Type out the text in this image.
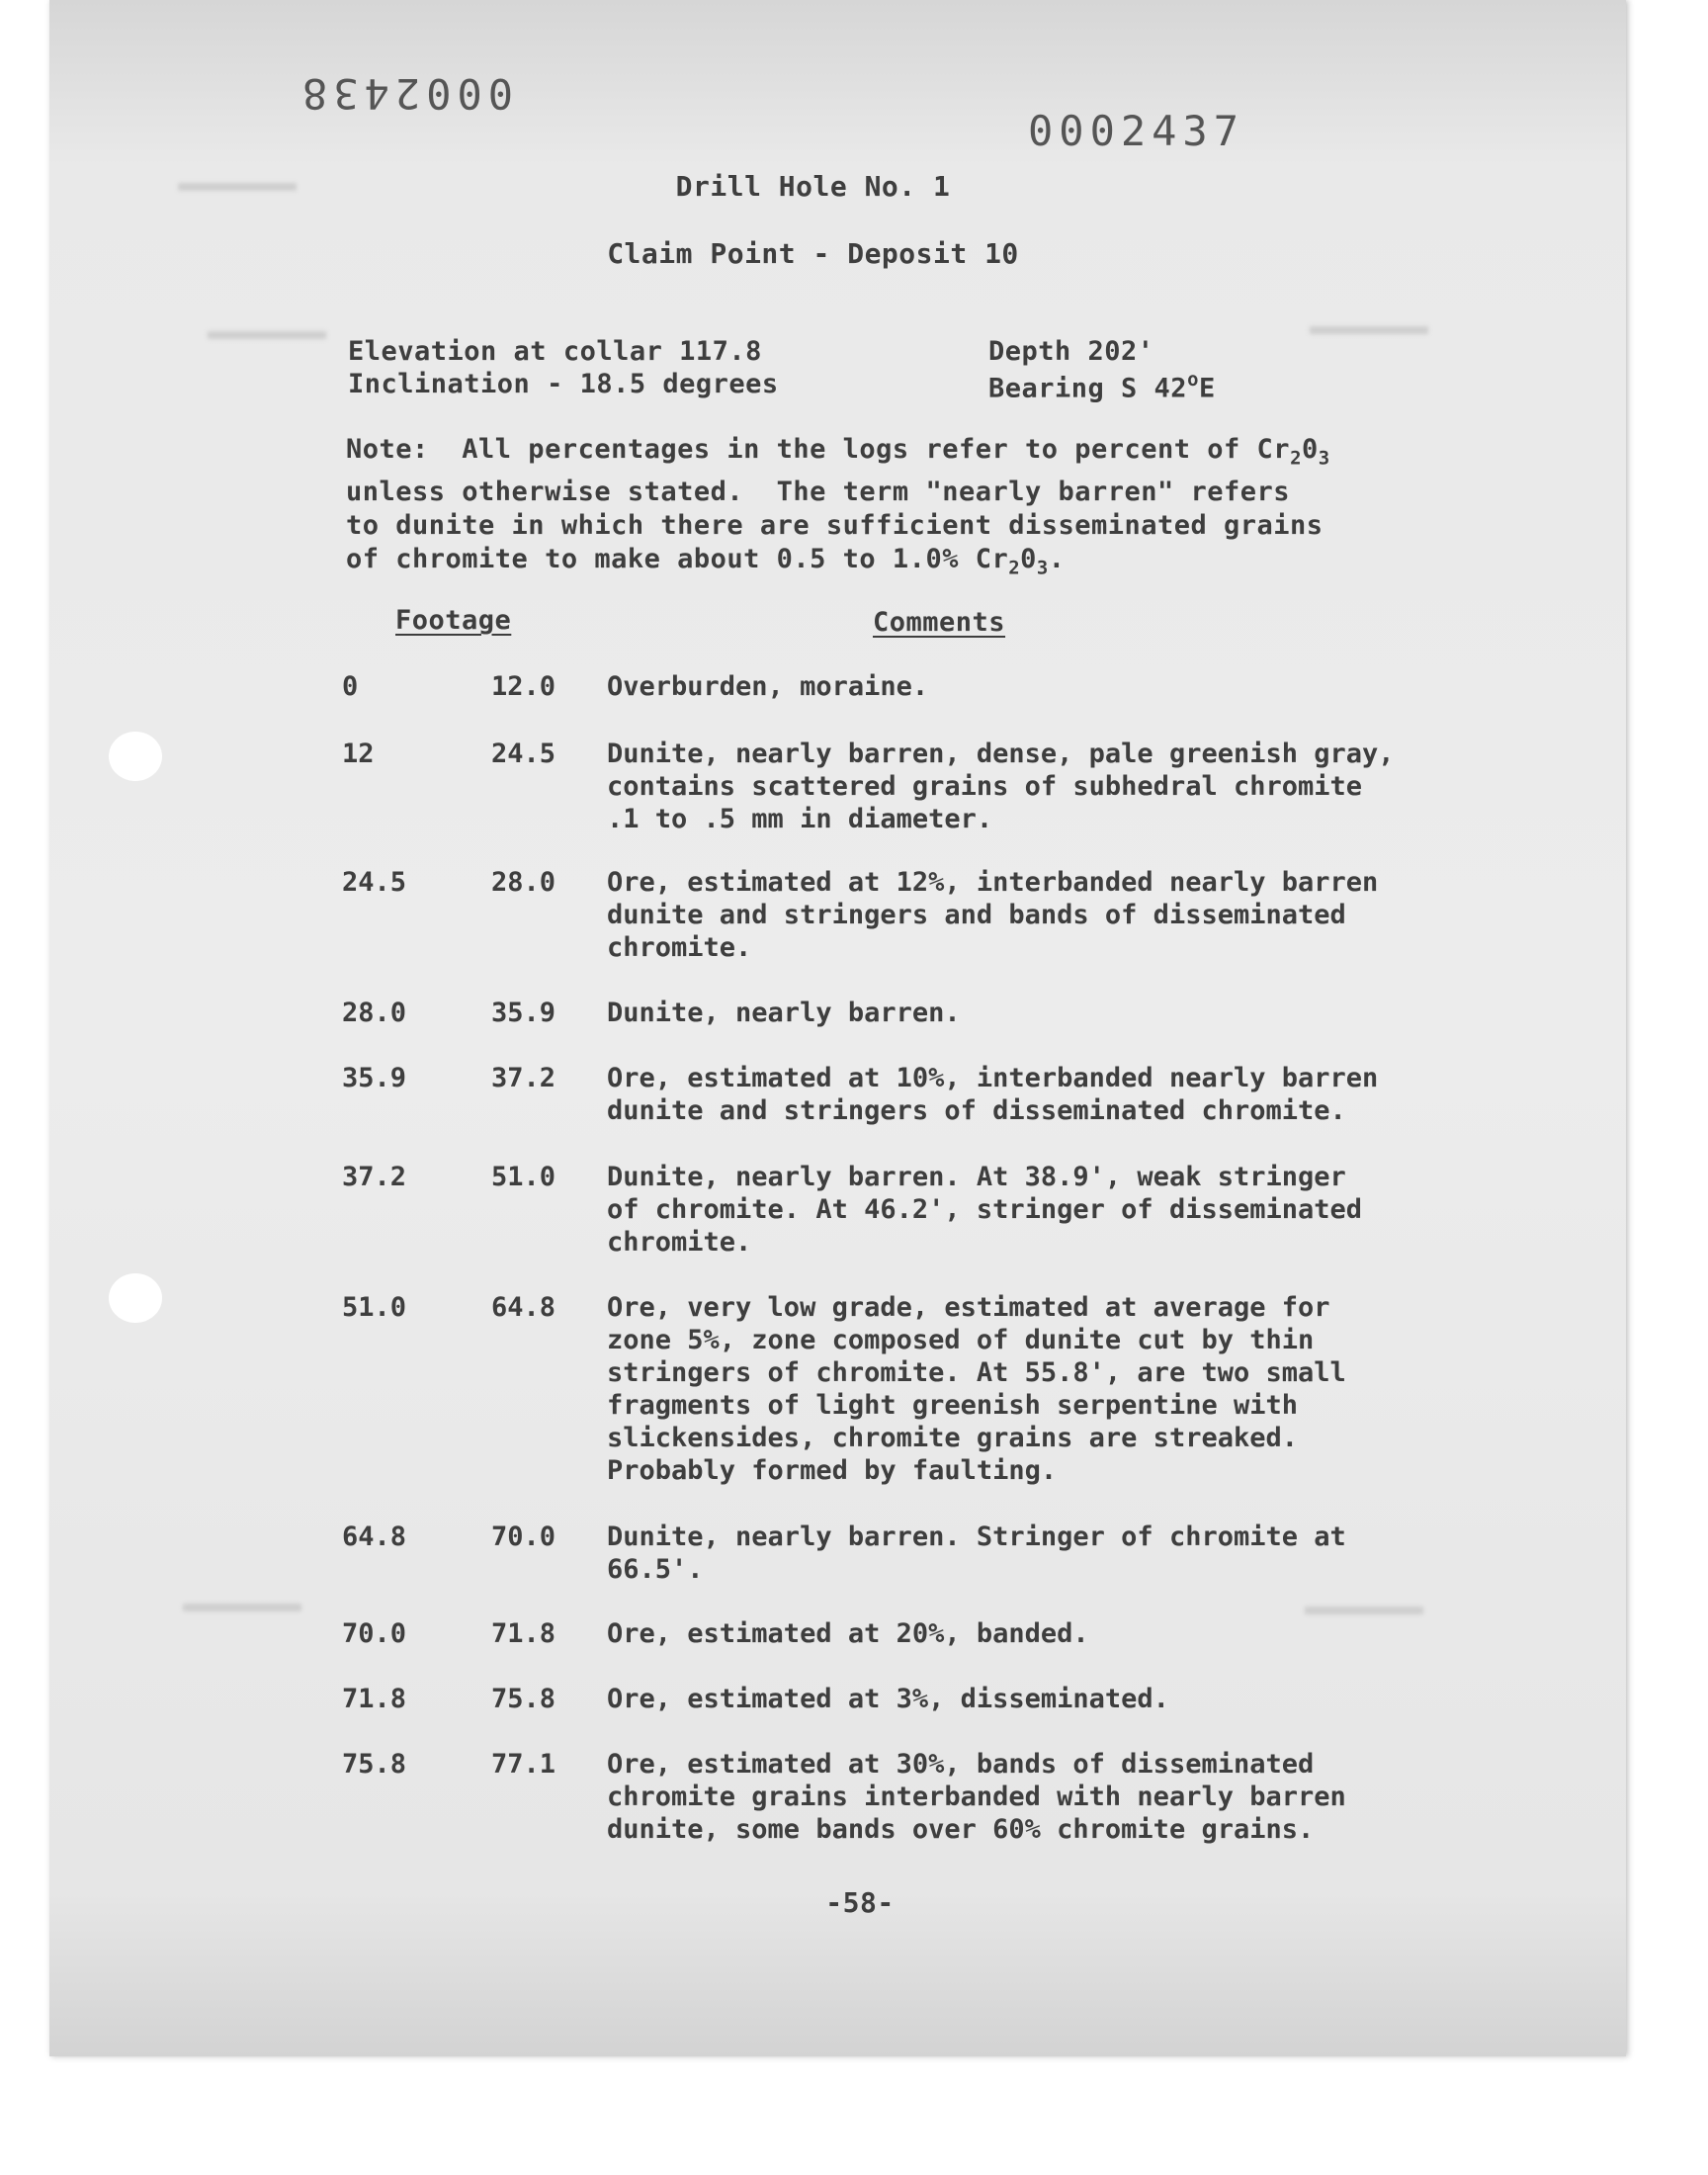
0002438
0002437
Drill Hole No. 1
Claim Point - Deposit 10
Elevation at collar 117.8
Inclination - 18.5 degrees
Depth 202'
Bearing S 42$^o$E
Note:  All percentages in the logs refer to percent of $Cr_20_3$
unless otherwise stated.  The term "nearly barren" refers
to dunite in which there are sufficient disseminated grains
of chromite to make about 0.5 to 1.0% $Cr_20_3$.
Footage	Comments
0	12.0 Overburden, moraine.
12	24.5 Dunite, nearly barren, dense, pale greenish gray,
contains scattered grains of subhedral chromite
.1 to .5 mm in diameter.
24.5	28.0 Ore, estimated at 12%, interbanded nearly barren
dunite and stringers and bands of disseminated
chromite.
28.0	35.9 Dunite, nearly barren.
35.9	37.2 Ore, estimated at 10%, interbanded nearly barren
dunite and stringers of disseminated chromite.
37.2	51.0 Dunite, nearly barren. At 38.9', weak stringer
of chromite. At 46.2', stringer of disseminated
chromite.
51.0	64.8 Ore, very low grade, estimated at average for
zone 5%, zone composed of dunite cut by thin
stringers of chromite. At 55.8', are two small
fragments of light greenish serpentine with
slickensides, chromite grains are streaked.
Probably formed by faulting.
64.8	70.0 Dunite, nearly barren. Stringer of chromite at
66.5'.
70.0	71.8 Ore, estimated at 20%, banded.
71.8	75.8 Ore, estimated at 3%, disseminated.
75.8	77.1 Ore, estimated at 30%, bands of disseminated
chromite grains interbanded with nearly barren
dunite, some bands over 60% chromite grains.
-58-
